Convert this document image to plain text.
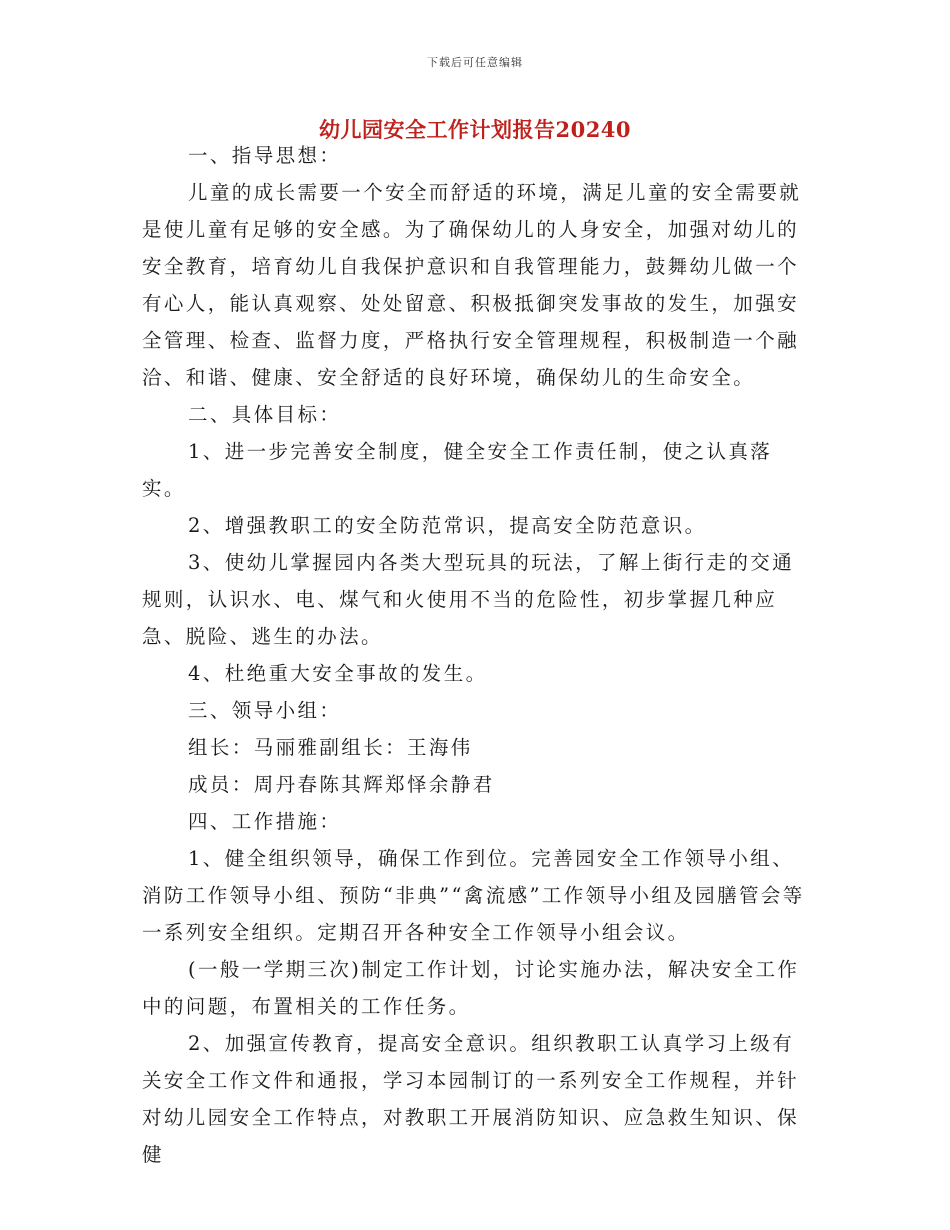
下载后可任意编辑
幼儿园安全工作计划报告20240

一、指导思想：

儿童的成长需要一个安全而舒适的环境，满足儿童的安全需要就是使儿童有足够的安全感。为了确保幼儿的人身安全，加强对幼儿的安全教育，培育幼儿自我保护意识和自我管理能力，鼓舞幼儿做一个有心人，能认真观察、处处留意、积极抵御突发事故的发生，加强安全管理、检查、监督力度，严格执行安全管理规程，积极制造一个融洽、和谐、健康、安全舒适的良好环境，确保幼儿的生命安全。

二、具体目标：

1、进一步完善安全制度，健全安全工作责任制，使之认真落实。

2、增强教职工的安全防范常识，提高安全防范意识。

3、使幼儿掌握园内各类大型玩具的玩法，了解上街行走的交通规则，认识水、电、煤气和火使用不当的危险性，初步掌握几种应急、脱险、逃生的办法。

4、杜绝重大安全事故的发生。

三、领导小组：

组长：马丽雅副组长：王海伟

成员：周丹春陈其辉郑怿余静君

四、工作措施：

1、健全组织领导，确保工作到位。完善园安全工作领导小组、消防工作领导小组、预防“非典”“禽流感”工作领导小组及园膳管会等一系列安全组织。定期召开各种安全工作领导小组会议。

(一般一学期三次)制定工作计划，讨论实施办法，解决安全工作中的问题，布置相关的工作任务。

2、加强宣传教育，提高安全意识。组织教职工认真学习上级有关安全工作文件和通报，学习本园制订的一系列安全工作规程，并针对幼儿园安全工作特点，对教职工开展消防知识、应急救生知识、保健
